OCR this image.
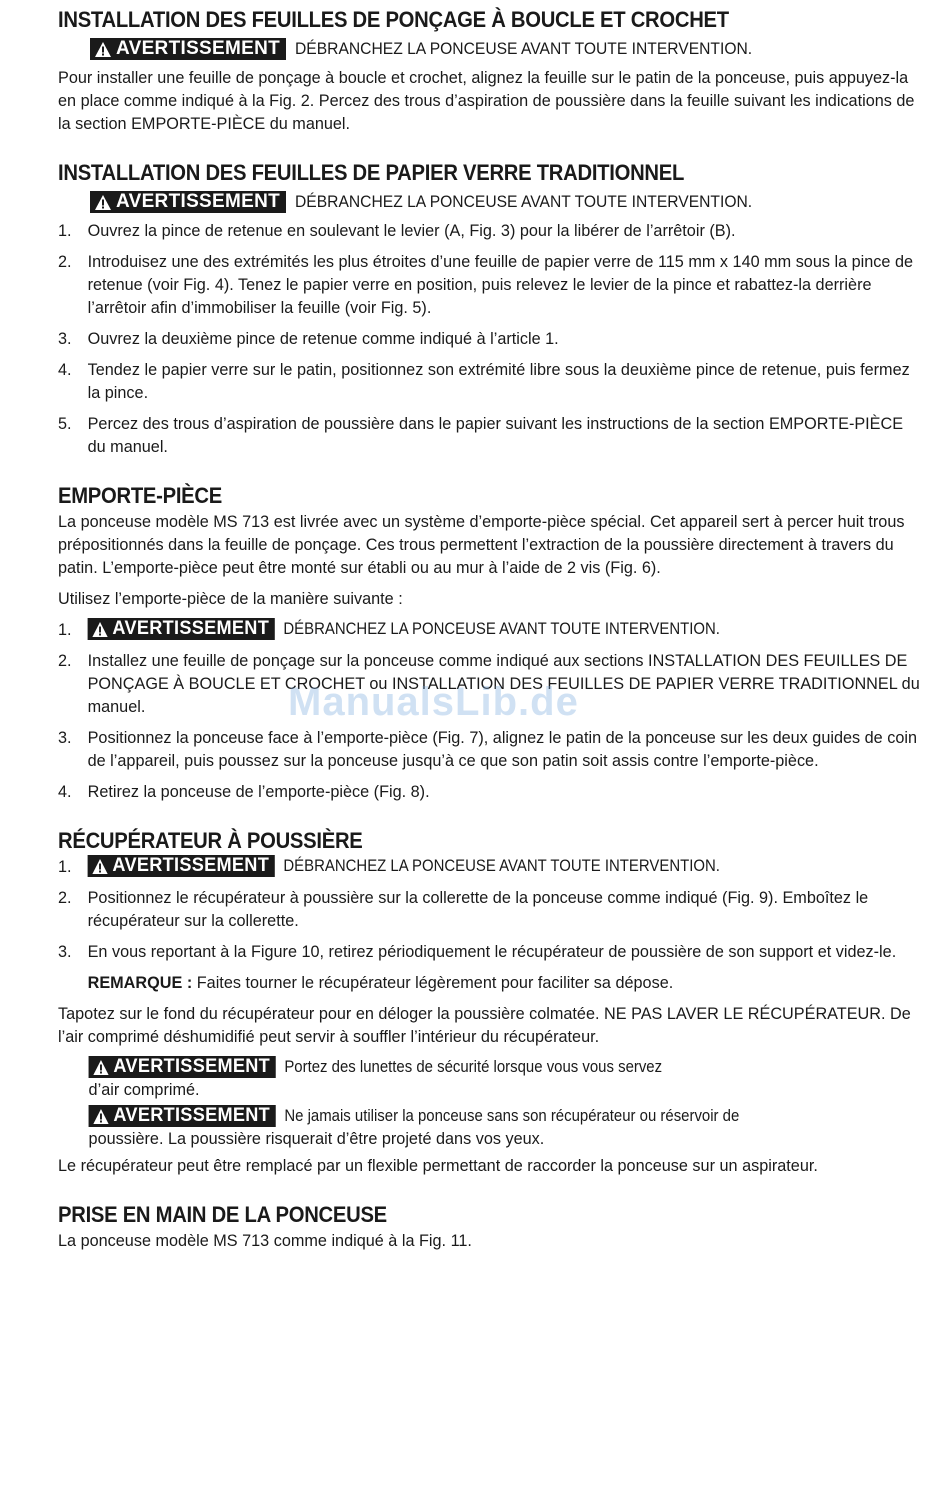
INSTALLATION DES FEUILLES DE PONÇAGE À BOUCLE ET CROCHET
AVERTISSEMENT DÉBRANCHEZ LA PONCEUSE AVANT TOUTE INTERVENTION.

Pour installer une feuille de ponçage à boucle et crochet, alignez la feuille sur le patin de la ponceuse, puis appuyez-la en place comme indiqué à la Fig. 2. Percez des trous d’aspiration de poussière dans la feuille suivant les indications de la section EMPORTE-PIÈCE du manuel.

INSTALLATION DES FEUILLES DE PAPIER VERRE TRADITIONNEL
AVERTISSEMENT DÉBRANCHEZ LA PONCEUSE AVANT TOUTE INTERVENTION.
1. Ouvrez la pince de retenue en soulevant le levier (A, Fig. 3) pour la libérer de l’arrêtoir (B).
2. Introduisez une des extrémités les plus étroites d’une feuille de papier verre de 115 mm x 140 mm sous la pince de retenue (voir Fig. 4). Tenez le papier verre en position, puis relevez le levier de la pince et rabattez-la derrière l’arrêtoir afin d’immobiliser la feuille (voir Fig. 5).
3. Ouvrez la deuxième pince de retenue comme indiqué à l’article 1.
4. Tendez le papier verre sur le patin, positionnez son extrémité libre sous la deuxième pince de retenue, puis fermez la pince.
5. Percez des trous d’aspiration de poussière dans le papier suivant les instructions de la section EMPORTE-PIÈCE du manuel.
EMPORTE-PIÈCE

La ponceuse modèle MS 713 est livrée avec un système d’emporte-pièce spécial. Cet appareil sert à percer huit trous prépositionnés dans la feuille de ponçage. Ces trous permettent l’extraction de la poussière directement à travers du patin. L’emporte-pièce peut être monté sur établi ou au mur à l’aide de 2 vis (Fig. 6).

Utilisez l’emporte-pièce de la manière suivante :

1.	AVERTISSEMENT DÉBRANCHEZ LA PONCEUSE AVANT TOUTE INTERVENTION.
2. Installez une feuille de ponçage sur la ponceuse comme indiqué aux sections INSTALLATION DES FEUILLES DE PONÇAGE À BOUCLE ET CROCHET ou INSTALLATION DES FEUILLES DE PAPIER VERRE TRADITIONNEL du manuel.
3. Positionnez la ponceuse face à l’emporte-pièce (Fig. 7), alignez le patin de la ponceuse sur les deux guides de coin de l’appareil, puis poussez sur la ponceuse jusqu’à ce que son patin soit assis contre l’emporte-pièce.
4. Retirez la ponceuse de l’emporte-pièce (Fig. 8).
RÉCUPÉRATEUR À POUSSIÈRE
1.	AVERTISSEMENT DÉBRANCHEZ LA PONCEUSE AVANT TOUTE INTERVENTION.
2. Positionnez le récupérateur à poussière sur la collerette de la ponceuse comme indiqué (Fig. 9). Emboîtez le récupérateur sur la collerette.
3. En vous reportant à la Figure 10, retirez périodiquement le récupérateur de poussière de son support et videz-le.
REMARQUE : Faites tourner le récupérateur légèrement pour faciliter sa dépose.

Tapotez sur le fond du récupérateur pour en déloger la poussière colmatée. NE PAS LAVER LE RÉCUPÉRATEUR. De l’air comprimé déshumidifié peut servir à souffler l’intérieur du récupérateur.

AVERTISSEMENT Portez des lunettes de sécurité lorsque vous vous servez
d’air comprimé.
AVERTISSEMENT Ne jamais utiliser la ponceuse sans son récupérateur ou réservoir de
poussière. La poussière risquerait d’être projeté dans vos yeux.

Le récupérateur peut être remplacé par un flexible permettant de raccorder la ponceuse sur un aspirateur.

PRISE EN MAIN DE LA PONCEUSE

La ponceuse modèle MS 713 comme indiqué à la Fig. 11.

ManualsLib.de
